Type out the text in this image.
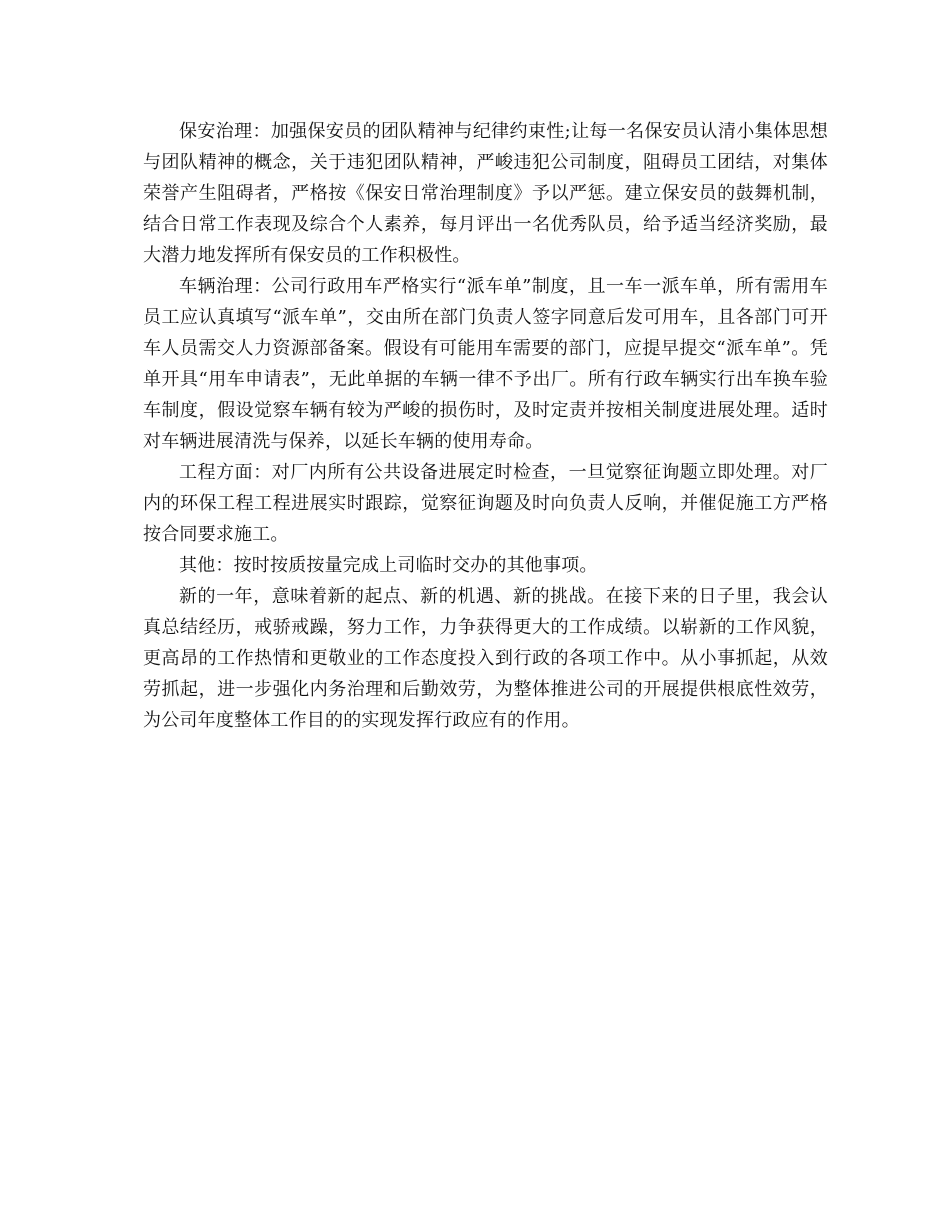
保安治理：加强保安员的团队精神与纪律约束性;让每一名保安员认清小集体思想与团队精神的概念，关于违犯团队精神，严峻违犯公司制度，阻碍员工团结，对集体荣誉产生阻碍者，严格按《保安日常治理制度》予以严惩。建立保安员的鼓舞机制，结合日常工作表现及综合个人素养，每月评出一名优秀队员，给予适当经济奖励，最大潜力地发挥所有保安员的工作积极性。

车辆治理：公司行政用车严格实行“派车单”制度，且一车一派车单，所有需用车员工应认真填写“派车单”，交由所在部门负责人签字同意后发可用车，且各部门可开车人员需交人力资源部备案。假设有可能用车需要的部门，应提早提交“派车单”。凭单开具“用车申请表”，无此单据的车辆一律不予出厂。所有行政车辆实行出车换车验车制度，假设觉察车辆有较为严峻的损伤时，及时定责并按相关制度进展处理。适时对车辆进展清洗与保养，以延长车辆的使用寿命。

工程方面：对厂内所有公共设备进展定时检查，一旦觉察征询题立即处理。对厂内的环保工程工程进展实时跟踪，觉察征询题及时向负责人反响，并催促施工方严格按合同要求施工。

其他：按时按质按量完成上司临时交办的其他事项。

新的一年，意味着新的起点、新的机遇、新的挑战。在接下来的日子里，我会认真总结经历，戒骄戒躁，努力工作，力争获得更大的工作成绩。以崭新的工作风貌，更高昂的工作热情和更敬业的工作态度投入到行政的各项工作中。从小事抓起，从效劳抓起，进一步强化内务治理和后勤效劳，为整体推进公司的开展提供根底性效劳，为公司年度整体工作目的的实现发挥行政应有的作用。
